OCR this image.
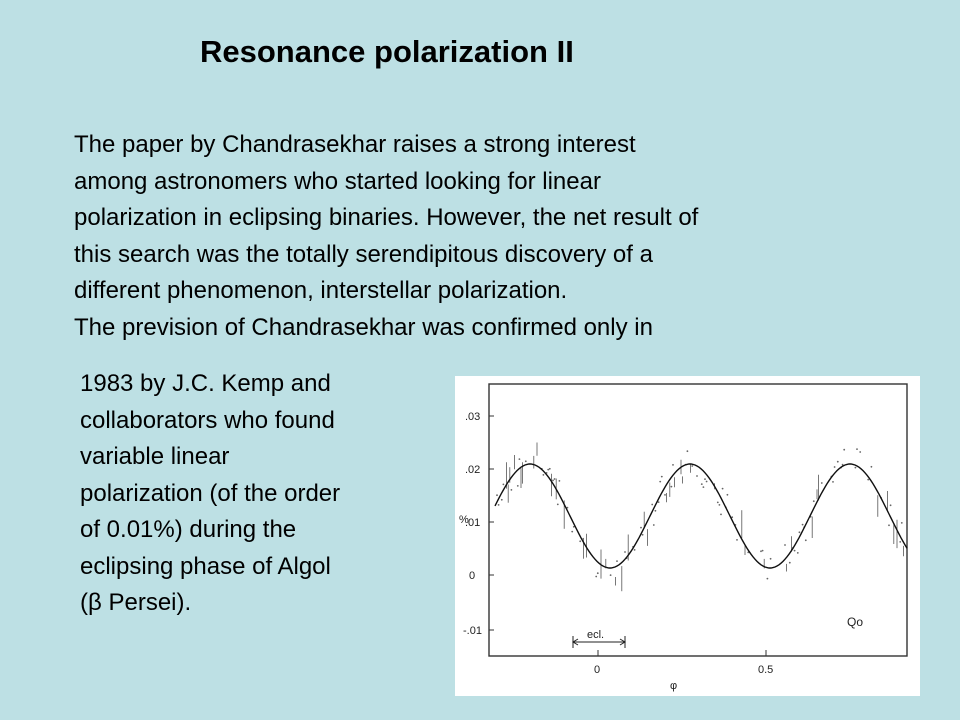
Resonance polarization II
The paper by Chandrasekhar raises a strong interest
among astronomers who started looking for linear
polarization in eclipsing binaries. However, the net result of
this search was the totally serendipitous discovery of a
different phenomenon, interstellar polarization.
The prevision of Chandrasekhar was confirmed only in
1983 by J.C. Kemp and
collaborators who found
variable linear
polarization (of the order
of 0.01%) during the
eclipsing phase of Algol
(β Persei).
.03
.02
.01
0
-.01
%
0	0.5
φ
ecl.
Qo
